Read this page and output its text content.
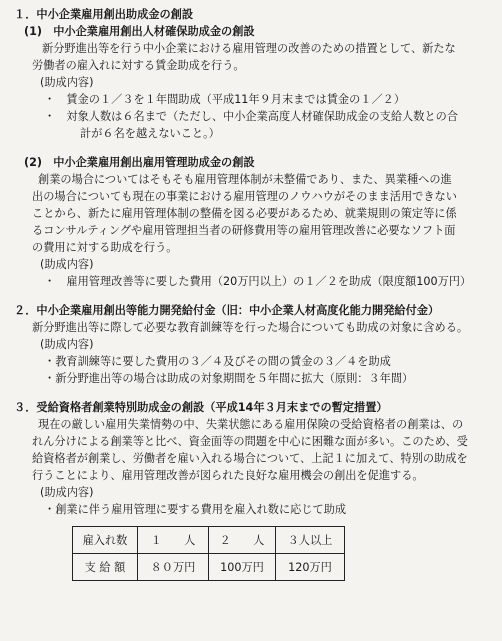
１．中小企業雇用創出助成金の創設
(1)　中小企業雇用創出人材確保助成金の創設
新分野進出等を行う中小企業における雇用管理の改善のための措置として、新たな
労働者の雇入れに対する賃金助成を行う。
(助成内容)
・　賃金の１／３を１年間助成（平成11年９月末までは賃金の１／２）
・　対象人数は６名まで（ただし、中小企業高度人材確保助成金の支給人数との合
計が６名を越えないこと。）
(2)　中小企業雇用創出雇用管理助成金の創設
創業の場合についてはそもそも雇用管理体制が未整備であり、また、異業種への進
出の場合についても現在の事業における雇用管理のノウハウがそのまま活用できない
ことから、新たに雇用管理体制の整備を図る必要があるため、就業規則の策定等に係
るコンサルティングや雇用管理担当者の研修費用等の雇用管理改善に必要なソフト面
の費用に対する助成を行う。
(助成内容)
・　雇用管理改善等に要した費用（20万円以上）の１／２を助成（限度額100万円）
２．中小企業雇用創出等能力開発給付金（旧：中小企業人材高度化能力開発給付金）
新分野進出等に際して必要な教育訓練等を行った場合についても助成の対象に含める。
(助成内容)
・教育訓練等に要した費用の３／４及びその間の賃金の３／４を助成
・新分野進出等の場合は助成の対象期間を５年間に拡大（原則：３年間）
３．受給資格者創業特別助成金の創設（平成14年３月末までの暫定措置）
現在の厳しい雇用失業情勢の中、失業状態にある雇用保険の受給資格者の創業は、の
れん分けによる創業等と比べ、資金面等の問題を中心に困難な面が多い。このため、受
給資格者が創業し、労働者を雇い入れる場合について、上記１に加えて、特別の助成を
行うことにより、雇用管理改善が図られた良好な雇用機会の創出を促進する。
(助成内容)
・創業に伴う雇用管理に要する費用を雇入れ数に応じて助成
雇入れ数	１　　人	２　　人	３人以上
支 給 額	８０万円	100万円	120万円
